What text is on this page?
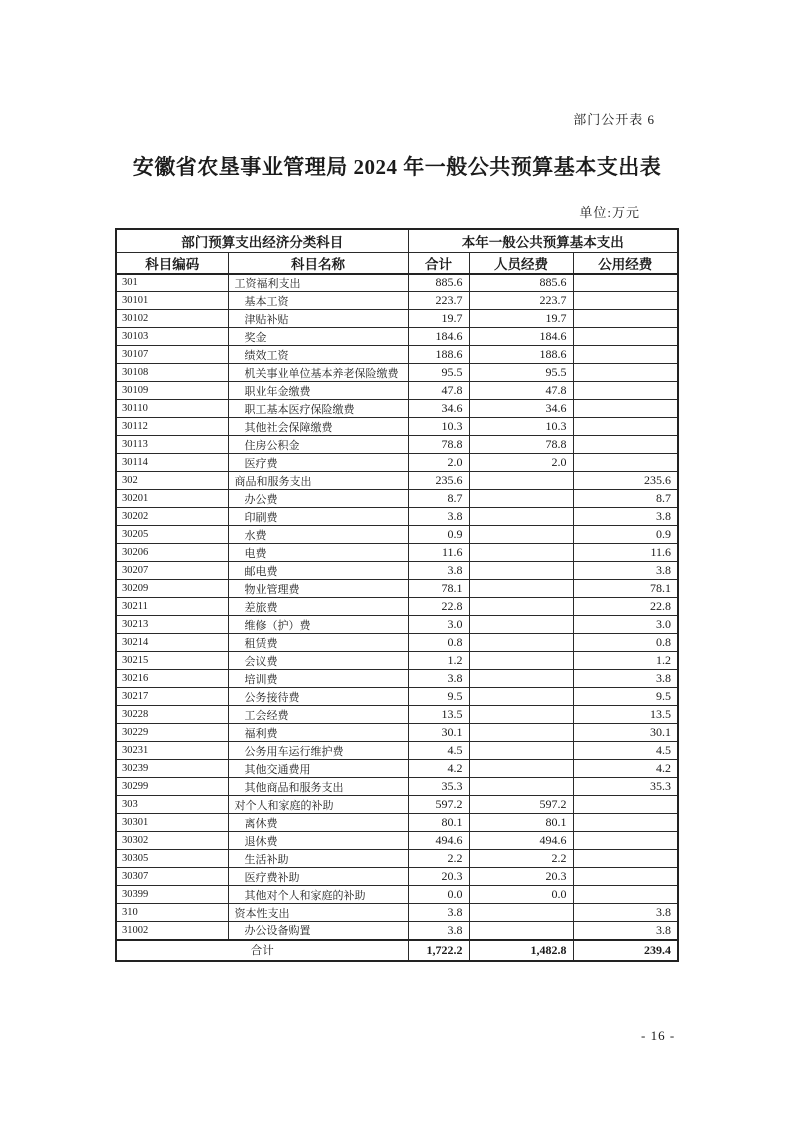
部门公开表 6
安徽省农垦事业管理局 2024 年一般公共预算基本支出表
单位:万元
部门预算支出经济分类科目		本年一般公共预算基本支出		
科目编码	科目名称	合计	人员经费	公用经费
301	工资福利支出	885.6	885.6	
30101	基本工资	223.7	223.7	
30102	津贴补贴	19.7	19.7	
30103	奖金	184.6	184.6	
30107	绩效工资	188.6	188.6	
30108	机关事业单位基本养老保险缴费	95.5	95.5	
30109	职业年金缴费	47.8	47.8	
30110	职工基本医疗保险缴费	34.6	34.6	
30112	其他社会保障缴费	10.3	10.3	
30113	住房公积金	78.8	78.8	
30114	医疗费	2.0	2.0	
302	商品和服务支出	235.6		235.6
30201	办公费	8.7		8.7
30202	印刷费	3.8		3.8
30205	水费	0.9		0.9
30206	电费	11.6		11.6
30207	邮电费	3.8		3.8
30209	物业管理费	78.1		78.1
30211	差旅费	22.8		22.8
30213	维修（护）费	3.0		3.0
30214	租赁费	0.8		0.8
30215	会议费	1.2		1.2
30216	培训费	3.8		3.8
30217	公务接待费	9.5		9.5
30228	工会经费	13.5		13.5
30229	福利费	30.1		30.1
30231	公务用车运行维护费	4.5		4.5
30239	其他交通费用	4.2		4.2
30299	其他商品和服务支出	35.3		35.3
303	对个人和家庭的补助	597.2	597.2	
30301	离休费	80.1	80.1	
30302	退休费	494.6	494.6	
30305	生活补助	2.2	2.2	
30307	医疗费补助	20.3	20.3	
30399	其他对个人和家庭的补助	0.0	0.0	
310	资本性支出	3.8		3.8
31002	办公设备购置	3.8		3.8
合计		1,722.2	1,482.8	239.4
- 16 -
